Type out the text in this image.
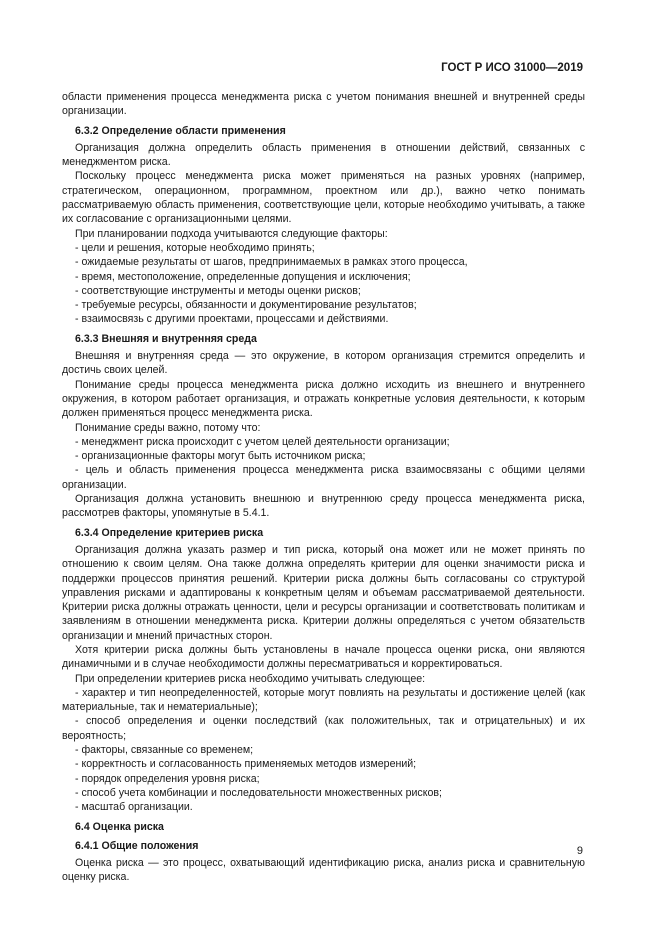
ГОСТ Р ИСО 31000—2019

области применения процесса менеджмента риска с учетом понимания внешней и внутренней среды организации.

6.3.2 Определение области применения

Организация должна определить область применения в отношении действий, связанных с менеджментом риска.

Поскольку процесс менеджмента риска может применяться на разных уровнях (например, стратегическом, операционном, программном, проектном или др.), важно четко понимать рассматриваемую область применения, соответствующие цели, которые необходимо учитывать, а также их согласование с организационными целями.

При планировании подхода учитываются следующие факторы:

- цели и решения, которые необходимо принять;

- ожидаемые результаты от шагов, предпринимаемых в рамках этого процесса,

- время, местоположение, определенные допущения и исключения;

- соответствующие инструменты и методы оценки рисков;

- требуемые ресурсы, обязанности и документирование результатов;

- взаимосвязь с другими проектами, процессами и действиями.

6.3.3 Внешняя и внутренняя среда

Внешняя и внутренняя среда — это окружение, в котором организация стремится определить и достичь своих целей.

Понимание среды процесса менеджмента риска должно исходить из внешнего и внутреннего окружения, в котором работает организация, и отражать конкретные условия деятельности, к которым должен применяться процесс менеджмента риска.

Понимание среды важно, потому что:

- менеджмент риска происходит с учетом целей деятельности организации;

- организационные факторы могут быть источником риска;

- цель и область применения процесса менеджмента риска взаимосвязаны с общими целями организации.

Организация должна установить внешнюю и внутреннюю среду процесса менеджмента риска, рассмотрев факторы, упомянутые в 5.4.1.

6.3.4 Определение критериев риска

Организация должна указать размер и тип риска, который она может или не может принять по отношению к своим целям. Она также должна определять критерии для оценки значимости риска и поддержки процессов принятия решений. Критерии риска должны быть согласованы со структурой управления рисками и адаптированы к конкретным целям и объемам рассматриваемой деятельности. Критерии риска должны отражать ценности, цели и ресурсы организации и соответствовать политикам и заявлениям в отношении менеджмента риска. Критерии должны определяться с учетом обязательств организации и мнений причастных сторон.

Хотя критерии риска должны быть установлены в начале процесса оценки риска, они являются динамичными и в случае необходимости должны пересматриваться и корректироваться.

При определении критериев риска необходимо учитывать следующее:

- характер и тип неопределенностей, которые могут повлиять на результаты и достижение целей (как материальные, так и нематериальные);

- способ определения и оценки последствий (как положительных, так и отрицательных) и их вероятность;

- факторы, связанные со временем;

- корректность и согласованность применяемых методов измерений;

- порядок определения уровня риска;

- способ учета комбинации и последовательности множественных рисков;

- масштаб организации.

6.4 Оценка риска

6.4.1 Общие положения

Оценка риска — это процесс, охватывающий идентификацию риска, анализ риска и сравнительную оценку риска.

9
